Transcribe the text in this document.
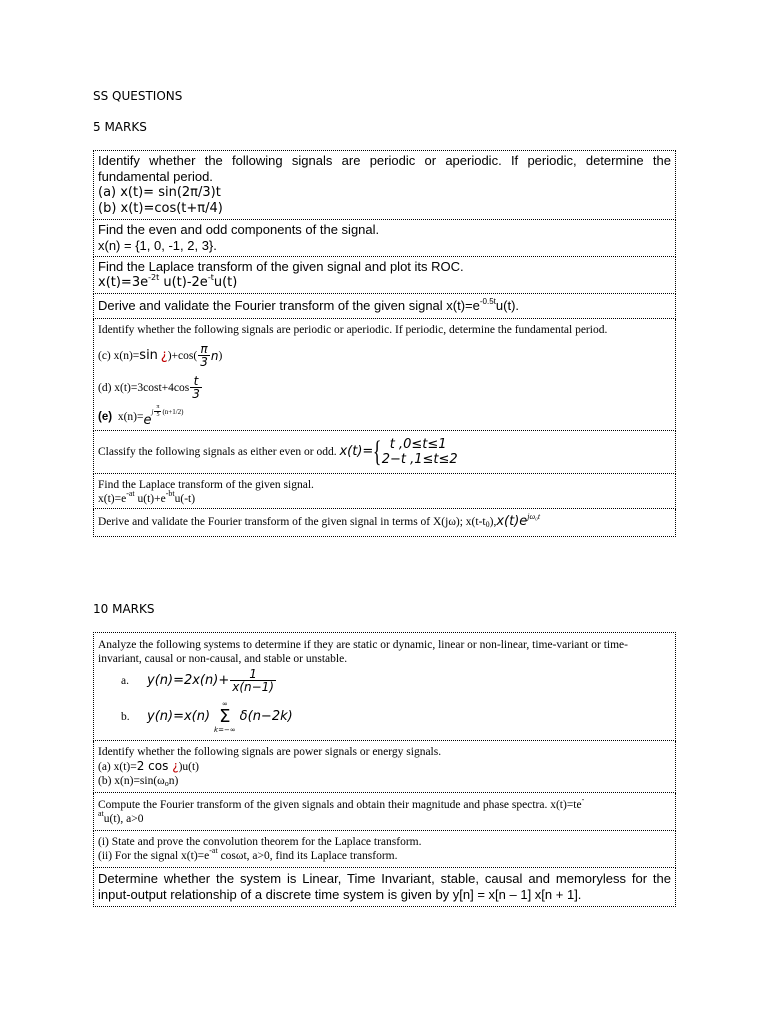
SS QUESTIONS
5 MARKS
Identify whether the following signals are periodic or aperiodic. If periodic, determine the fundamental period.
(a) x(t)= sin(2π/3)t
(b) x(t)=cos(t+π/4)

Find the even and odd components of the signal.
x(n) = {1, 0, -1, 2, 3}.

Find the Laplace transform of the given signal and plot its ROC.
$x(t)=3e^{-2t}$ $u(t)-2e^{-t}u(t)$

Derive and validate the Fourier transform of the given signal $x(t)=e^{-0.5t}u(t)$.

Identify whether the following signals are periodic or aperiodic. If periodic, determine the fundamental period.
(c) x(n)= sin
¿ )$+\cos( \frac{\pi}{3}$ n )
(d) $x(t)=3\cos t+4\cos \frac{t}{3}$
(e)
x(n)= e
j $\frac{\pi}{5} (n+1/2)$

Classify the following signals as either even or odd.
x(t)= { t ,0≤t≤1
2−t ,1≤t≤2

Find the Laplace transform of the given signal.
$x(t)=e^{-at}$ $u(t)+e^{-bt}u(-t)$

Derive and validate the Fourier transform of the given signal in terms of X(jω); $x(t-t_0),x(t)e^{j\omega_0t}$
10 MARKS
Analyze the following systems to determine if they are static or dynamic, linear or non-linear, time-variant or time-invariant, causal or non-causal, and stable or unstable.
a.	$y(n)=2x(n)+ \frac{1}{x(n-1)}$
b.	y(n)=x(n)
∞
Σ
k=−∞
δ(n−2k)

Identify whether the following signals are power signals or energy signals.
(a) x(t)=2 cos ¿)u(t)
(b) $x(n)=\sin(\omega_on)$

Compute the Fourier transform of the given signals and obtain their magnitude and phase spectra. x(t)=te-
$^{at}$u(t), a>0

(i) State and prove the convolution theorem for the Laplace transform.
(ii) For the signal $x(t)=e^{-at}$ cosωt, a>0, find its Laplace transform.

Determine whether the system is Linear, Time Invariant, stable, causal and memoryless for the input-output relationship of a discrete time system is given by y[n] = x[n – 1] x[n + 1].
